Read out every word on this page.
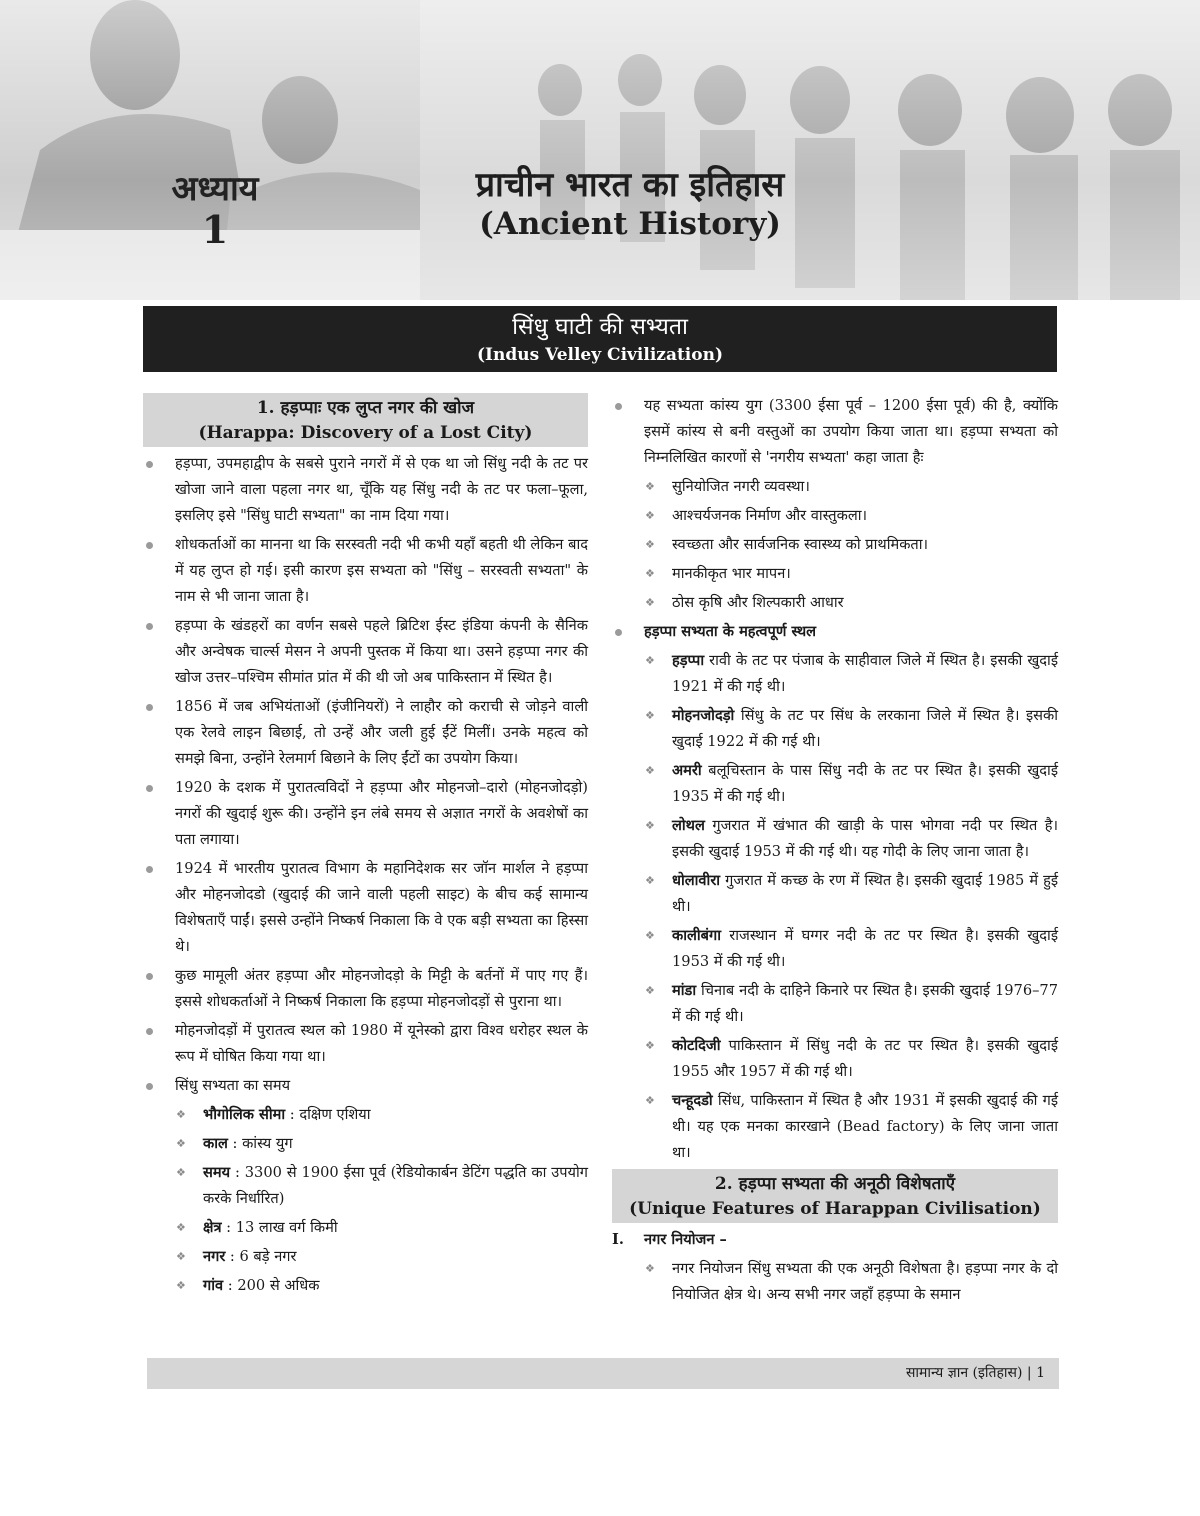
अध्याय
1
प्राचीन भारत का इतिहास
(Ancient History)
सिंधु घाटी की सभ्यता
(Indus Velley Civilization)
1. हड़प्पाः एक लुप्त नगर की खोज
(Harappa: Discovery of a Lost City)
हड़प्पा, उपमहाद्वीप के सबसे पुराने नगरों में से एक था जो सिंधु नदी के तट पर खोजा जाने वाला पहला नगर था, चूँकि यह सिंधु नदी के तट पर फला–फूला, इसलिए इसे "सिंधु घाटी सभ्यता" का नाम दिया गया।
शोधकर्ताओं का मानना था कि सरस्वती नदी भी कभी यहाँ बहती थी लेकिन बाद में यह लुप्त हो गई। इसी कारण इस सभ्यता को "सिंधु – सरस्वती सभ्यता" के नाम से भी जाना जाता है।
हड़प्पा के खंडहरों का वर्णन सबसे पहले ब्रिटिश ईस्ट इंडिया कंपनी के सैनिक और अन्वेषक चार्ल्स मेसन ने अपनी पुस्तक में किया था। उसने हड़प्पा नगर की खोज उत्तर–पश्चिम सीमांत प्रांत में की थी जो अब पाकिस्तान में स्थित है।
1856 में जब अभियंताओं (इंजीनियरों) ने लाहौर को कराची से जोड़ने वाली एक रेलवे लाइन बिछाई, तो उन्हें और जली हुई ईंटें मिलीं। उनके महत्व को समझे बिना, उन्होंने रेलमार्ग बिछाने के लिए ईंटों का उपयोग किया।
1920 के दशक में पुरातत्वविदों ने हड़प्पा और मोहनजो–दारो (मोहनजोदड़ो) नगरों की खुदाई शुरू की। उन्होंने इन लंबे समय से अज्ञात नगरों के अवशेषों का पता लगाया।
1924 में भारतीय पुरातत्व विभाग के महानिदेशक सर जॉन मार्शल ने हड़प्पा और मोहनजोदडो (खुदाई की जाने वाली पहली साइट) के बीच कई सामान्य विशेषताएँ पाईं। इससे उन्होंने निष्कर्ष निकाला कि वे एक बड़ी सभ्यता का हिस्सा थे।
कुछ मामूली अंतर हड़प्पा और मोहनजोदड़ो के मिट्टी के बर्तनों में पाए गए हैं। इससे शोधकर्ताओं ने निष्कर्ष निकाला कि हड़प्पा मोहनजोदड़ों से पुराना था।
मोहनजोदड़ों में पुरातत्व स्थल को 1980 में यूनेस्को द्वारा विश्व धरोहर स्थल के रूप में घोषित किया गया था।
सिंधु सभ्यता का समय
❖ भौगोलिक सीमा : दक्षिण एशिया
❖ काल : कांस्य युग
❖ समय : 3300 से 1900 ईसा पूर्व (रेडियोकार्बन डेटिंग पद्धति का उपयोग करके निर्धारित)
❖ क्षेत्र : 13 लाख वर्ग किमी
❖ नगर : 6 बड़े नगर
❖ गांव : 200 से अधिक
यह सभ्यता कांस्य युग (3300 ईसा पूर्व – 1200 ईसा पूर्व) की है, क्योंकि इसमें कांस्य से बनी वस्तुओं का उपयोग किया जाता था। हड़प्पा सभ्यता को निम्नलिखित कारणों से 'नगरीय सभ्यता' कहा जाता हैः
❖ सुनियोजित नगरी व्यवस्था।
❖ आश्चर्यजनक निर्माण और वास्तुकला।
❖ स्वच्छता और सार्वजनिक स्वास्थ्य को प्राथमिकता।
❖ मानकीकृत भार मापन।
❖ ठोस कृषि और शिल्पकारी आधार
हड़प्पा सभ्यता के महत्वपूर्ण स्थल
❖ हड़प्पा रावी के तट पर पंजाब के साहीवाल जिले में स्थित है। इसकी खुदाई 1921 में की गई थी।
❖ मोहनजोदड़ो सिंधु के तट पर सिंध के लरकाना जिले में स्थित है। इसकी खुदाई 1922 में की गई थी।
❖ अमरी बलूचिस्तान के पास सिंधु नदी के तट पर स्थित है। इसकी खुदाई 1935 में की गई थी।
❖ लोथल गुजरात में खंभात की खाड़ी के पास भोगवा नदी पर स्थित है। इसकी खुदाई 1953 में की गई थी। यह गोदी के लिए जाना जाता है।
❖ धोलावीरा गुजरात में कच्छ के रण में स्थित है। इसकी खुदाई 1985 में हुई थी।
❖ कालीबंगा राजस्थान में घग्गर नदी के तट पर स्थित है। इसकी खुदाई 1953 में की गई थी।
❖ मांडा चिनाब नदी के दाहिने किनारे पर स्थित है। इसकी खुदाई 1976–77 में की गई थी।
❖ कोटदिजी पाकिस्तान में सिंधु नदी के तट पर स्थित है। इसकी खुदाई 1955 और 1957 में की गई थी।
❖ चन्हूदडो सिंध, पाकिस्तान में स्थित है और 1931 में इसकी खुदाई की गई थी। यह एक मनका कारखाने (Bead factory) के लिए जाना जाता था।
2. हड़प्पा सभ्यता की अनूठी विशेषताएँ
(Unique Features of Harappan Civilisation)
I. नगर नियोजन –
❖ नगर नियोजन सिंधु सभ्यता की एक अनूठी विशेषता है। हड़प्पा नगर के दो नियोजित क्षेत्र थे। अन्य सभी नगर जहाँ हड़प्पा के समान
सामान्य ज्ञान (इतिहास) | 1
